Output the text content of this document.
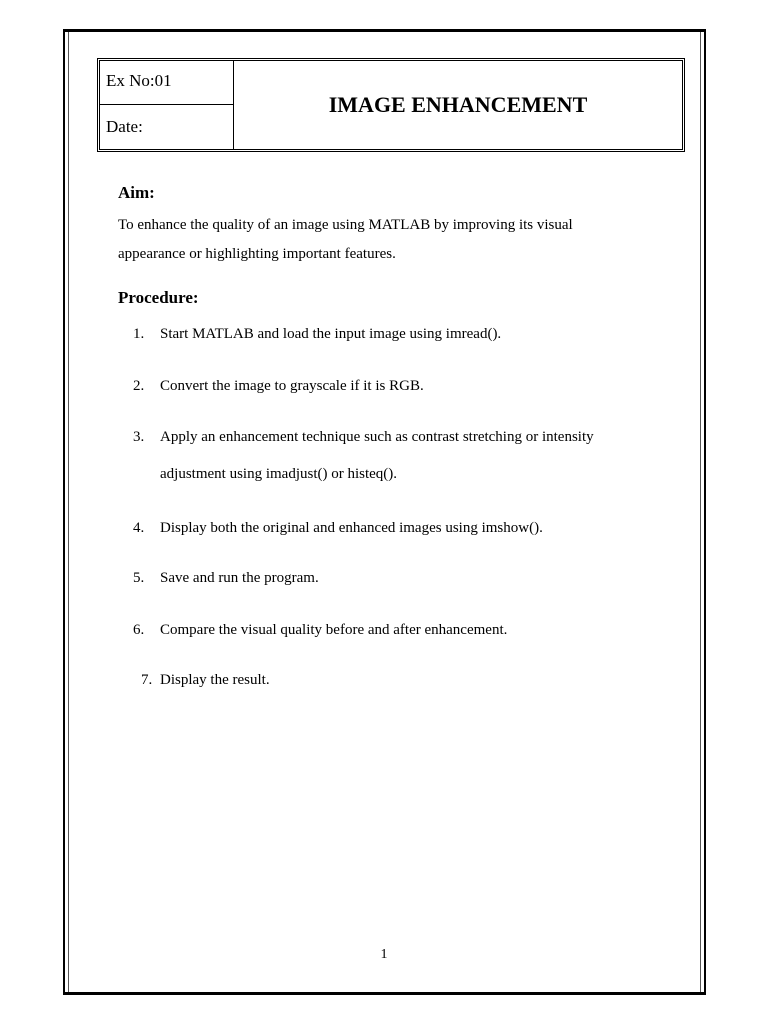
Ex No:01
Date:
IMAGE ENHANCEMENT
Aim:
To enhance the quality of an image using MATLAB by improving its visual
appearance or highlighting important features.
Procedure:
1. Start MATLAB and load the input image using imread().
2. Convert the image to grayscale if it is RGB.
3. Apply an enhancement technique such as contrast stretching or intensity
adjustment using imadjust() or histeq().
4. Display both the original and enhanced images using imshow().
5. Save and run the program.
6. Compare the visual quality before and after enhancement.
7. Display the result.
1
